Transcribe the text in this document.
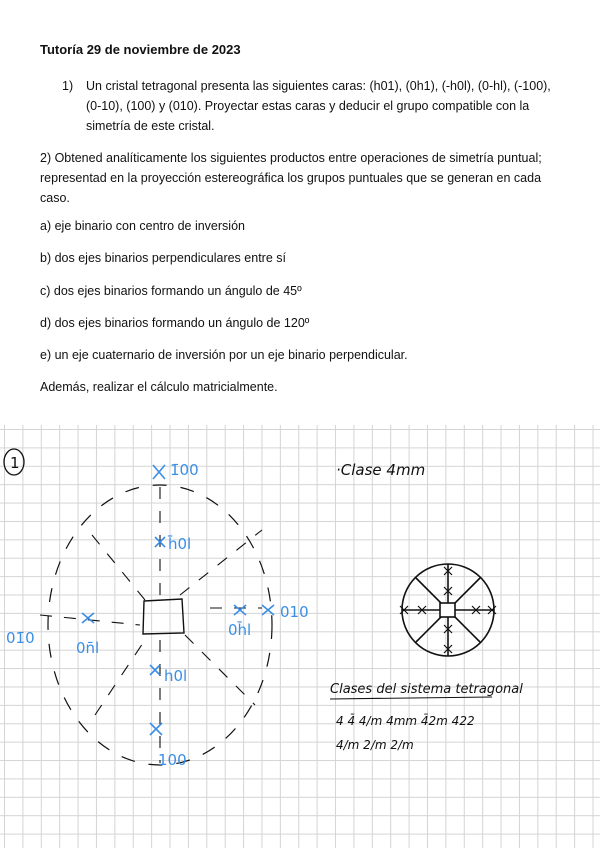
Tutoría 29 de noviembre de 2023
1) Un cristal tetragonal presenta las siguientes caras: (h01), (0h1), (-h0l), (0-hl), (-100), (0-10), (100) y (010). Proyectar estas caras y deducir el grupo compatible con la simetría de este cristal.
2) Obtened analíticamente los siguientes productos entre operaciones de simetría puntual; representad en la proyección estereográfica los grupos puntuales que se generan en cada caso.
a) eje binario con centro de inversión
b) dos ejes binarios perpendiculares entre sí
c) dos ejes binarios formando un ángulo de 45º
d) dos ejes binarios formando un ángulo de 120º
e) un eje cuaternario de inversión por un eje binario perpendicular.
Además, realizar el cálculo matricialmente.
1	1̄00
h̄0l
0h̄l
010
01̄0
0n̄l
h0l
100
·Clase 4mm
Clases del sistema tetragonal
4 4̄ 4/m 4mm 4̄2m 422
4/m 2/m 2/m
